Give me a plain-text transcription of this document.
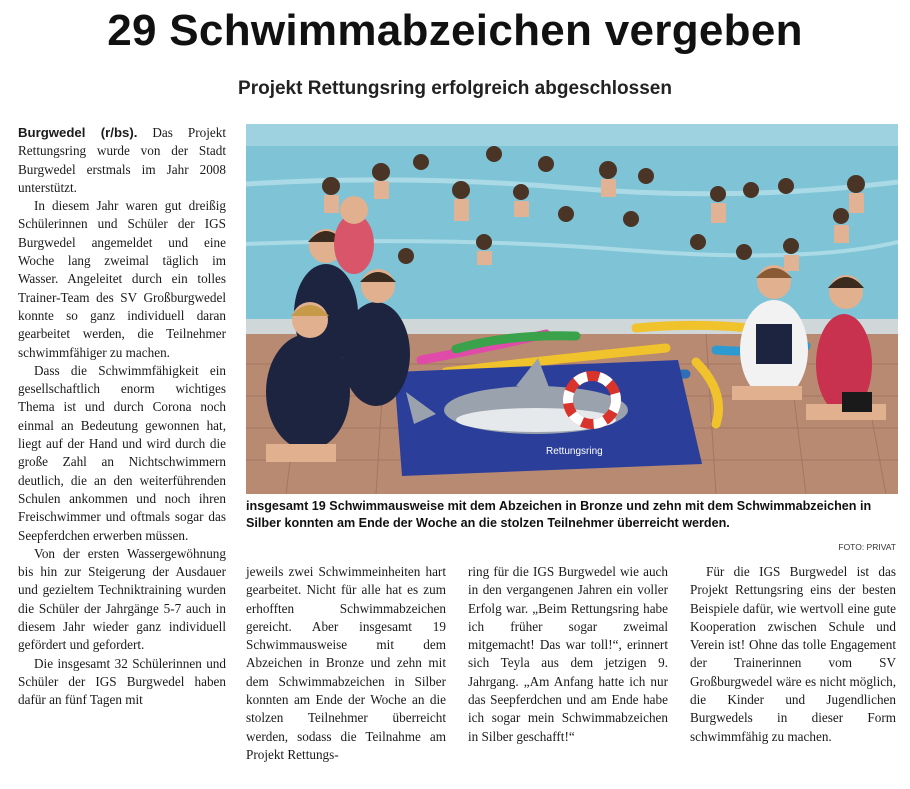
29 Schwimmabzeichen vergeben
Projekt Rettungsring erfolgreich abgeschlossen

Burgwedel (r/bs). Das Projekt Rettungsring wurde von der Stadt Burgwedel erstmals im Jahr 2008 unterstützt.

In diesem Jahr waren gut dreißig Schülerinnen und Schüler der IGS Burgwedel angemeldet und eine Woche lang zweimal täglich im Wasser. Angeleitet durch ein tolles Trainer-Team des SV Großburgwedel konnte so ganz individuell daran gearbeitet werden, die Teilnehmer schwimmfähiger zu machen.

Dass die Schwimmfähigkeit ein gesellschaftlich enorm wichtiges Thema ist und durch Corona noch einmal an Bedeutung gewonnen hat, liegt auf der Hand und wird durch die große Zahl an Nichtschwimmern deutlich, die an den weiterführenden Schulen ankommen und noch ihren Freischwimmer und oftmals sogar das Seepferdchen erwerben müssen.

Von der ersten Wassergewöhnung bis hin zur Steigerung der Ausdauer und gezieltem Techniktraining wurden die Schüler der Jahrgänge 5-7 auch in diesem Jahr wieder ganz individuell gefördert und gefordert.

Die insgesamt 32 Schülerinnen und Schüler der IGS Burgwedel haben dafür an fünf Tagen mit

Rettungsring

insgesamt 19 Schwimmausweise mit dem Abzeichen in Bronze und zehn mit dem Schwimmabzeichen in Silber konnten am Ende der Woche an die stolzen Teilnehmer überreicht werden.

FOTO: PRIVAT

jeweils zwei Schwimmeinheiten hart gearbeitet. Nicht für alle hat es zum erhofften Schwimmabzeichen gereicht. Aber insgesamt 19 Schwimmausweise mit dem Abzeichen in Bronze und zehn mit dem Schwimmabzeichen in Silber konnten am Ende der Woche an die stolzen Teilnehmer überreicht werden, sodass die Teilnahme am Projekt Rettungs-

ring für die IGS Burgwedel wie auch in den vergangenen Jahren ein voller Erfolg war. „Beim Rettungsring habe ich früher sogar zweimal mitgemacht! Das war toll!“, erinnert sich Teyla aus dem jetzigen 9. Jahrgang. „Am Anfang hatte ich nur das Seepferdchen und am Ende habe ich sogar mein Schwimmabzeichen in Silber geschafft!“

Für die IGS Burgwedel ist das Projekt Rettungsring eins der besten Beispiele dafür, wie wertvoll eine gute Kooperation zwischen Schule und Verein ist! Ohne das tolle Engagement der Trainerinnen vom SV Großburgwedel wäre es nicht möglich, die Kinder und Jugendlichen Burgwedels in dieser Form schwimmfähig zu machen.
